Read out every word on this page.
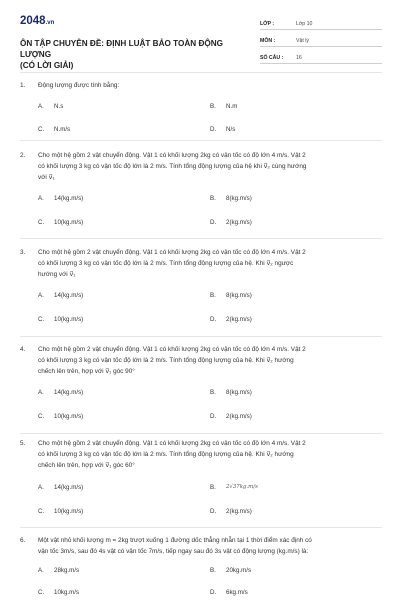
2048.vn
ÔN TẬP CHUYÊN ĐỀ: ĐỊNH LUẬT BẢO TOÀN ĐỘNG LƯỢNG
(CÓ LỜI GIẢI)
LỚP :	Lớp 10
MÔN :	Vật lý
SỐ CÂU :	16
1.	Động lượng được tính bằng:
A.	N.s	B.	N.m
C.	N.m/s	D.	N/s
2.	Cho một hệ gồm 2 vật chuyển động. Vật 1 có khối lượng 2kg có vận tốc có độ lớn 4 m/s. Vật 2
có khối lượng 3 kg có vận tốc độ lớn là 2 m/s. Tính tổng động lượng của hệ khi v⃗₂ cùng hướng
với v⃗₁
A.	14(kg.m/s)	B.	8(kg.m/s)
C.	10(kg.m/s)	D.	2(kg.m/s)
3.	Cho một hệ gồm 2 vật chuyển động. Vật 1 có khối lượng 2kg có vận tốc có độ lớn 4 m/s. Vật 2
có khối lượng 3 kg có vận tốc độ lớn là 2 m/s. Tính tổng động lượng của hệ. Khi v⃗₂ ngược
hướng với v⃗₁
A.	14(kg.m/s)	B.	8(kg.m/s)
C.	10(kg.m/s)	D.	2(kg.m/s)
4.	Cho một hệ gồm 2 vật chuyển động. Vật 1 có khối lượng 2kg có vận tốc có độ lớn 4 m/s. Vật 2
có khối lượng 3 kg có vận tốc độ lớn là 2 m/s. Tính tổng động lượng của hệ. Khi v⃗₂ hướng
chếch lên trên, hợp với v⃗₁ góc 90°
A.	14(kg.m/s)	B.	8(kg.m/s)
C.	10(kg.m/s)	D.	2(kg.m/s)
5.	Cho một hệ gồm 2 vật chuyển động. Vật 1 có khối lượng 2kg có vận tốc có độ lớn 4 m/s. Vật 2
có khối lượng 3 kg có vận tốc độ lớn là 2 m/s. Tính tổng động lượng của hệ. Khi v⃗₂ hướng
chếch lên trên, hợp với v⃗₁ góc 60°
A.	14(kg.m/s)	B.	2√37kg.m/s
C.	10(kg.m/s)	D.	2(kg.m/s)
6.	Một vật nhỏ khối lượng m = 2kg trượt xuống 1 đường dốc thẳng nhẵn tại 1 thời điểm xác định có
vận tốc 3m/s, sau đó 4s vật có vận tốc 7m/s, tiếp ngay sau đó 3s vật có động lượng (kg.m/s) là:
A.	28kg.m/s	B.	20kg.m/s
C.	10kg.m/s	D.	6kg.m/s
